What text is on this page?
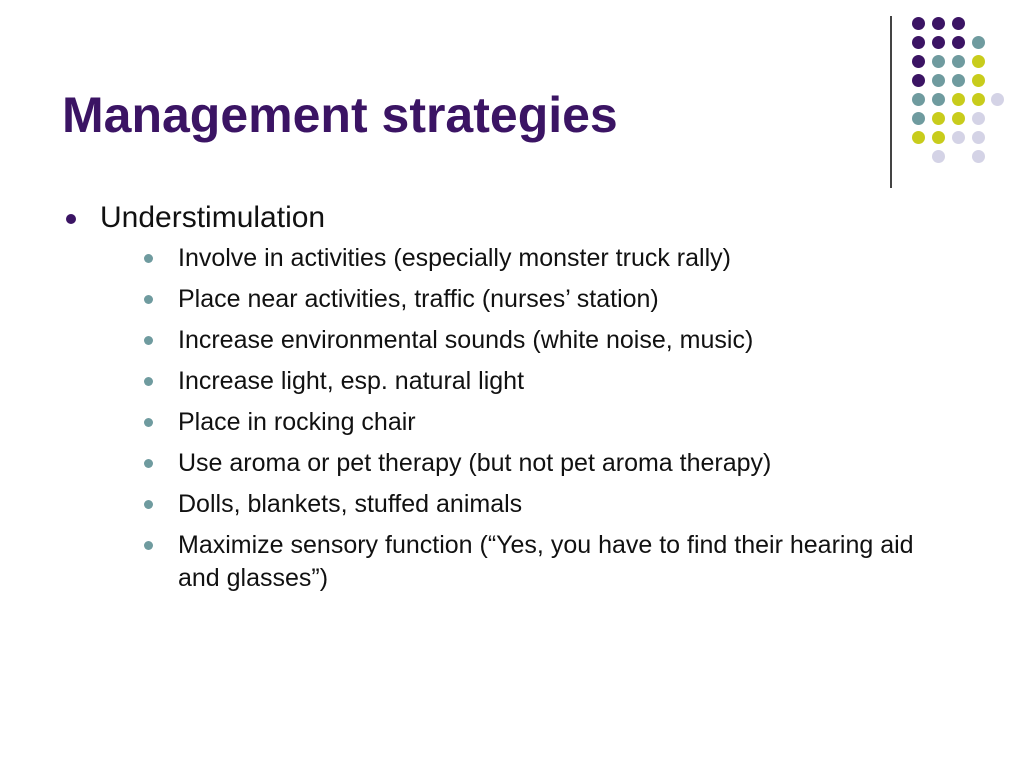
Management strategies
Understimulation
Involve in activities (especially monster truck rally)
Place near activities, traffic (nurses’ station)
Increase environmental sounds (white noise, music)
Increase light, esp. natural light
Place in rocking chair
Use aroma or pet therapy (but not pet aroma therapy)
Dolls, blankets, stuffed animals
Maximize sensory function (“Yes, you have to find their hearing aid and glasses”)
